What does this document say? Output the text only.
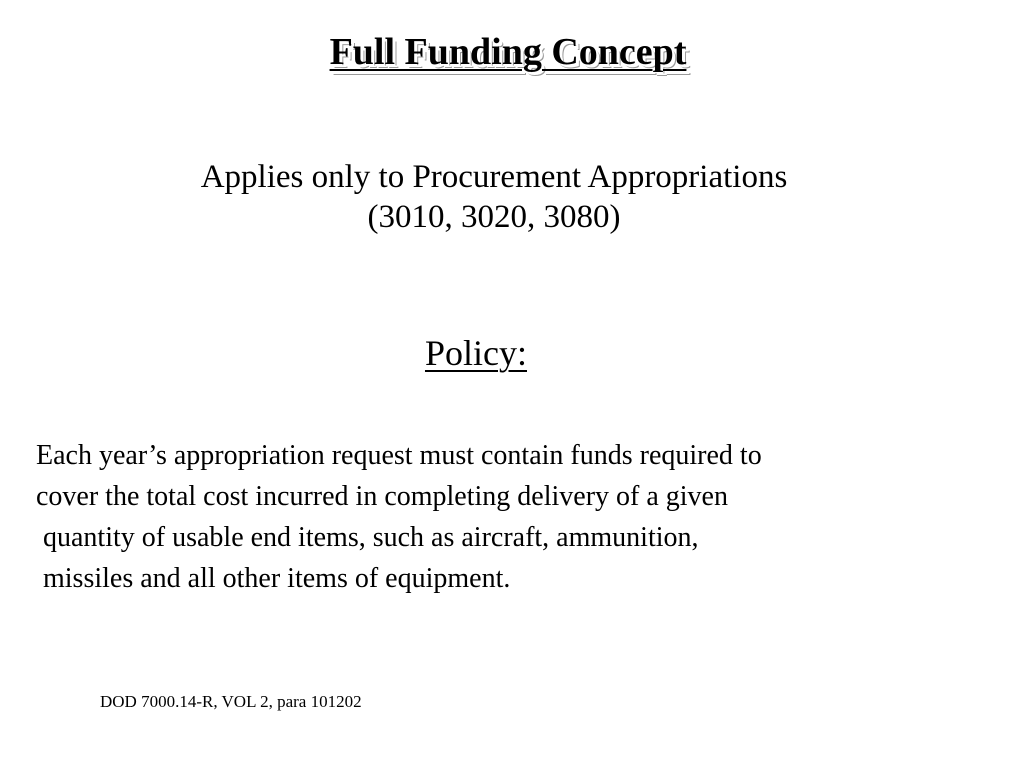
Full Funding Concept
Applies only to Procurement Appropriations
(3010, 3020, 3080)
Policy:
Each year’s appropriation request must contain funds required to
cover the total cost incurred in completing delivery of a given
quantity of usable end items, such as aircraft, ammunition,
missiles and all other items of equipment.
DOD 7000.14-R, VOL 2, para 101202
